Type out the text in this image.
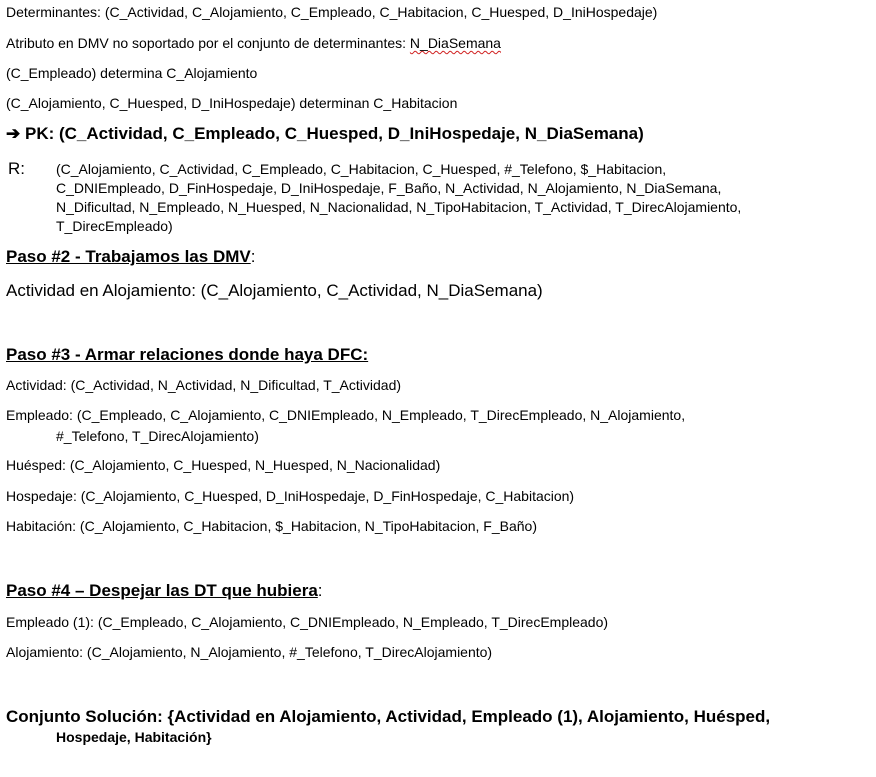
Determinantes: (C_Actividad, C_Alojamiento, C_Empleado, C_Habitacion, C_Huesped, D_IniHospedaje)
Atributo en DMV no soportado por el conjunto de determinantes: N_DiaSemana
(C_Empleado) determina C_Alojamiento
(C_Alojamiento, C_Huesped, D_IniHospedaje) determinan C_Habitacion
➔ PK: (C_Actividad, C_Empleado, C_Huesped, D_IniHospedaje, N_DiaSemana)
R: (C_Alojamiento, C_Actividad, C_Empleado, C_Habitacion, C_Huesped, #_Telefono, $_Habitacion,
C_DNIEmpleado, D_FinHospedaje, D_IniHospedaje, F_Baño, N_Actividad, N_Alojamiento, N_DiaSemana,
N_Dificultad, N_Empleado, N_Huesped, N_Nacionalidad, N_TipoHabitacion, T_Actividad, T_DirecAlojamiento,
T_DirecEmpleado)
Paso #2 - Trabajamos las DMV:
Actividad en Alojamiento: (C_Alojamiento, C_Actividad, N_DiaSemana)
Paso #3 - Armar relaciones donde haya DFC:
Actividad: (C_Actividad, N_Actividad, N_Dificultad, T_Actividad)
Empleado: (C_Empleado, C_Alojamiento, C_DNIEmpleado, N_Empleado, T_DirecEmpleado, N_Alojamiento,
#_Telefono, T_DirecAlojamiento)
Huésped: (C_Alojamiento, C_Huesped, N_Huesped, N_Nacionalidad)
Hospedaje: (C_Alojamiento, C_Huesped, D_IniHospedaje, D_FinHospedaje, C_Habitacion)
Habitación: (C_Alojamiento, C_Habitacion, $_Habitacion, N_TipoHabitacion, F_Baño)
Paso #4 – Despejar las DT que hubiera:
Empleado (1): (C_Empleado, C_Alojamiento, C_DNIEmpleado, N_Empleado, T_DirecEmpleado)
Alojamiento: (C_Alojamiento, N_Alojamiento, #_Telefono, T_DirecAlojamiento)
Conjunto Solución: {Actividad en Alojamiento, Actividad, Empleado (1), Alojamiento, Huésped,
Hospedaje, Habitación}
